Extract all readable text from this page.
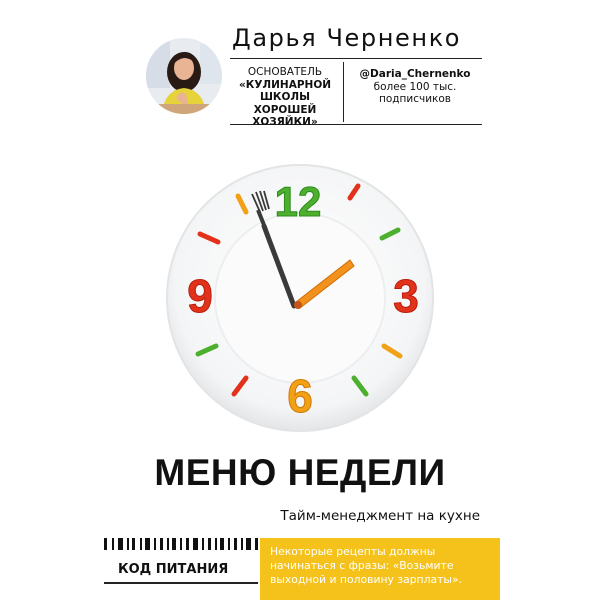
Дарья Черненко
ОСНОВАТЕЛЬ
«КУЛИНАРНОЙ ШКОЛЫ ХОРОШЕЙ ХОЗЯЙКИ»
@Daria_Chernenko
более 100 тыс.
подписчиков
12
3
6
9
МЕНЮ НЕДЕЛИ
Тайм-менеджмент на кухне
КОД ПИТАНИЯ
Некоторые рецепты должны начинаться с фразы: «Возьмите выходной и половину зарплаты».
